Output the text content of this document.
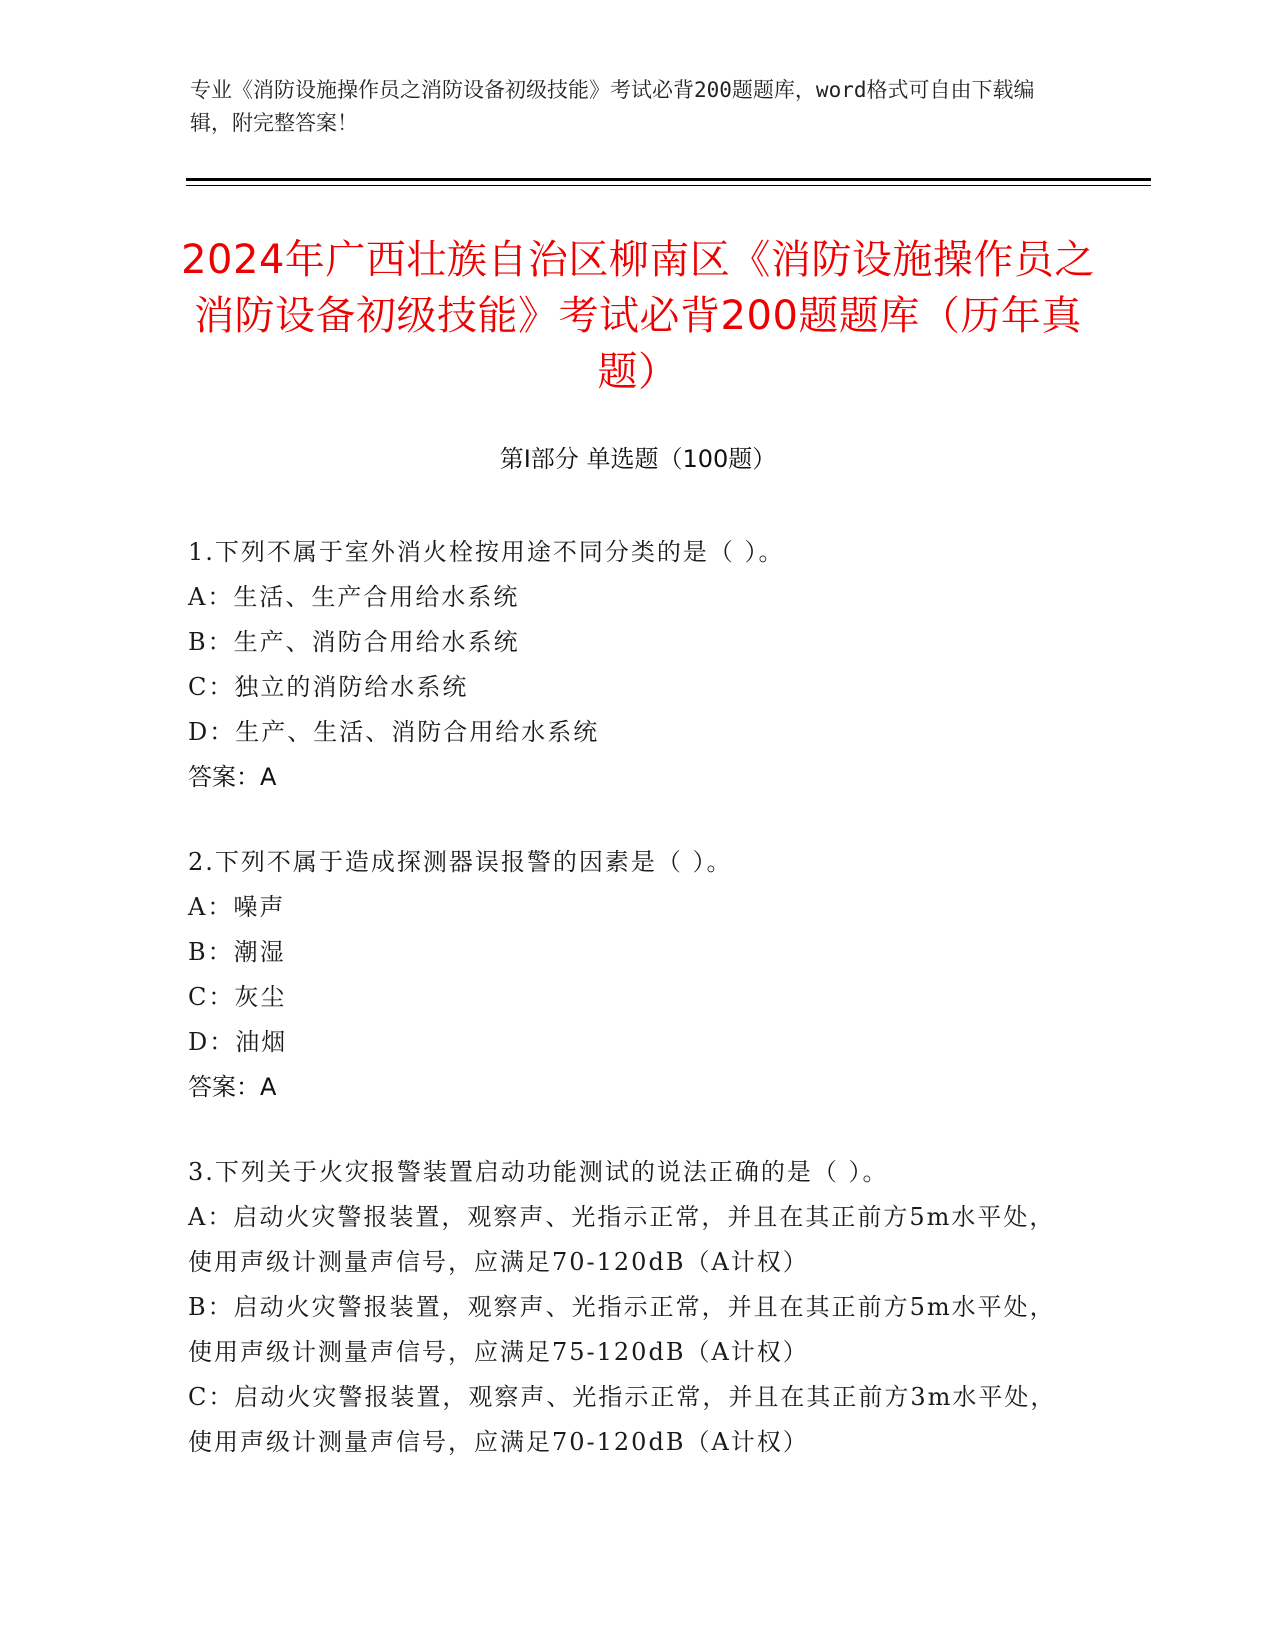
专业《消防设施操作员之消防设备初级技能》考试必背200题题库，word格式可自由下载编辑，附完整答案！
2024年广西壮族自治区柳南区《消防设施操作员之消防设备初级技能》考试必背200题题库（历年真题）
第Ⅰ部分 单选题（100题）
1.下列不属于室外消火栓按用途不同分类的是（ ）。
A：生活、生产合用给水系统
B：生产、消防合用给水系统
C：独立的消防给水系统
D：生产、生活、消防合用给水系统
答案：A
2.下列不属于造成探测器误报警的因素是（ ）。
A：噪声
B：潮湿
C：灰尘
D：油烟
答案：A
3.下列关于火灾报警装置启动功能测试的说法正确的是（ ）。
A：启动火灾警报装置，观察声、光指示正常，并且在其正前方5m水平处，使用声级计测量声信号，应满足70-120dB（A计权）
B：启动火灾警报装置，观察声、光指示正常，并且在其正前方5m水平处，使用声级计测量声信号，应满足75-120dB（A计权）
C：启动火灾警报装置，观察声、光指示正常，并且在其正前方3m水平处，使用声级计测量声信号，应满足70-120dB（A计权）
